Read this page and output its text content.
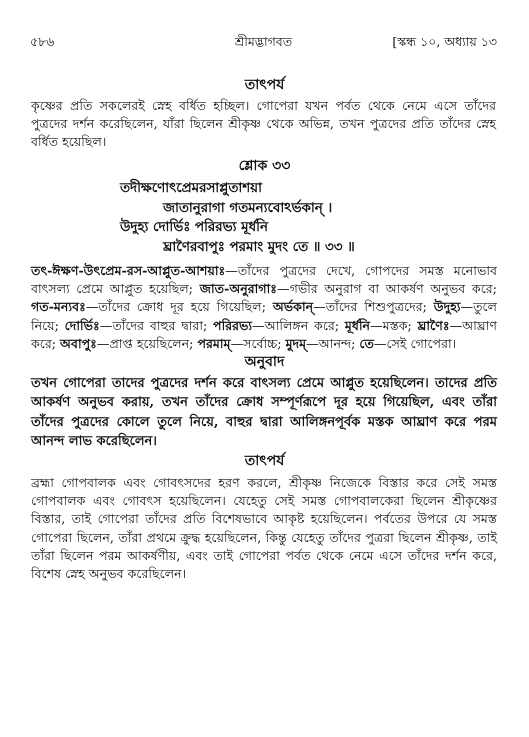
৫৮৬	শ্রীমদ্ভাগবত	[স্কন্ধ ১০, অধ্যায় ১৩
তাৎপর্য

কৃষ্ণের প্রতি সকলেরই স্নেহ বর্ধিত হচ্ছিল। গোপেরা যখন পর্বত থেকে নেমে এসে তাঁদের পুত্রদের দর্শন করেছিলেন, যাঁরা ছিলেন শ্রীকৃষ্ণ থেকে অভিন্ন, তখন পুত্রদের প্রতি তাঁদের স্নেহ বর্ধিত হয়েছিল।

শ্লোক ৩৩
তদীক্ষণোৎপ্রেমরসাপ্লুতাশয়া
জাতানুরাগা গতমন্যবোঽর্ভকান্ ।
উদুহ্য দোর্ভিঃ পরিরভ্য মূর্ধনি
ঘ্রাণৈরবাপুঃ পরমাং মুদং তে ॥ ৩৩ ॥

তৎ-ঈক্ষণ-উৎপ্রেম-রস-আপ্লুত-আশয়াঃ—তাঁদের পুত্রদের দেখে, গোপদের সমস্ত মনোভাব বাৎসল্য প্রেমে আপ্লুত হয়েছিল; জাত-অনুরাগাঃ—গভীর অনুরাগ বা আকর্ষণ অনুভব করে; গত-মন্যবঃ—তাঁদের ক্রোধ দূর হয়ে গিয়েছিল; অর্ভকান্—তাঁদের শিশুপুত্রদের; উদুহ্য—তুলে নিয়ে; দোর্ভিঃ—তাঁদের বাহুর দ্বারা; পরিরভ্য—আলিঙ্গন করে; মূর্ধনি—মস্তক; ঘ্রাণৈঃ—আঘ্রাণ করে; অবাপুঃ—প্রাপ্ত হয়েছিলেন; পরমাম্—সর্বোচ্চ; মুদম্—আনন্দ; তে—সেই গোপেরা।

অনুবাদ

তখন গোপেরা তাদের পুত্রদের দর্শন করে বাৎসল্য প্রেমে আপ্লুত হয়েছিলেন। তাদের প্রতি আকর্ষণ অনুভব করায়, তখন তাঁদের ক্রোধ সম্পূর্ণরূপে দূর হয়ে গিয়েছিল, এবং তাঁরা তাঁদের পুত্রদের কোলে তুলে নিয়ে, বাহুর দ্বারা আলিঙ্গনপূর্বক মস্তক আঘ্রাণ করে পরম আনন্দ লাভ করেছিলেন।

তাৎপর্য

ব্রহ্মা গোপবালক এবং গোবৎসদের হরণ করলে, শ্রীকৃষ্ণ নিজেকে বিস্তার করে সেই সমস্ত গোপবালক এবং গোবৎস হয়েছিলেন। যেহেতু সেই সমস্ত গোপবালকেরা ছিলেন শ্রীকৃষ্ণের বিস্তার, তাই গোপেরা তাঁদের প্রতি বিশেষভাবে আকৃষ্ট হয়েছিলেন। পর্বতের উপরে যে সমস্ত গোপেরা ছিলেন, তাঁরা প্রথমে ক্রুদ্ধ হয়েছিলেন, কিন্তু যেহেতু তাঁদের পুত্ররা ছিলেন শ্রীকৃষ্ণ, তাই তাঁরা ছিলেন পরম আকর্ষণীয়, এবং তাই গোপেরা পর্বত থেকে নেমে এসে তাঁদের দর্শন করে, বিশেষ স্নেহ অনুভব করেছিলেন।
